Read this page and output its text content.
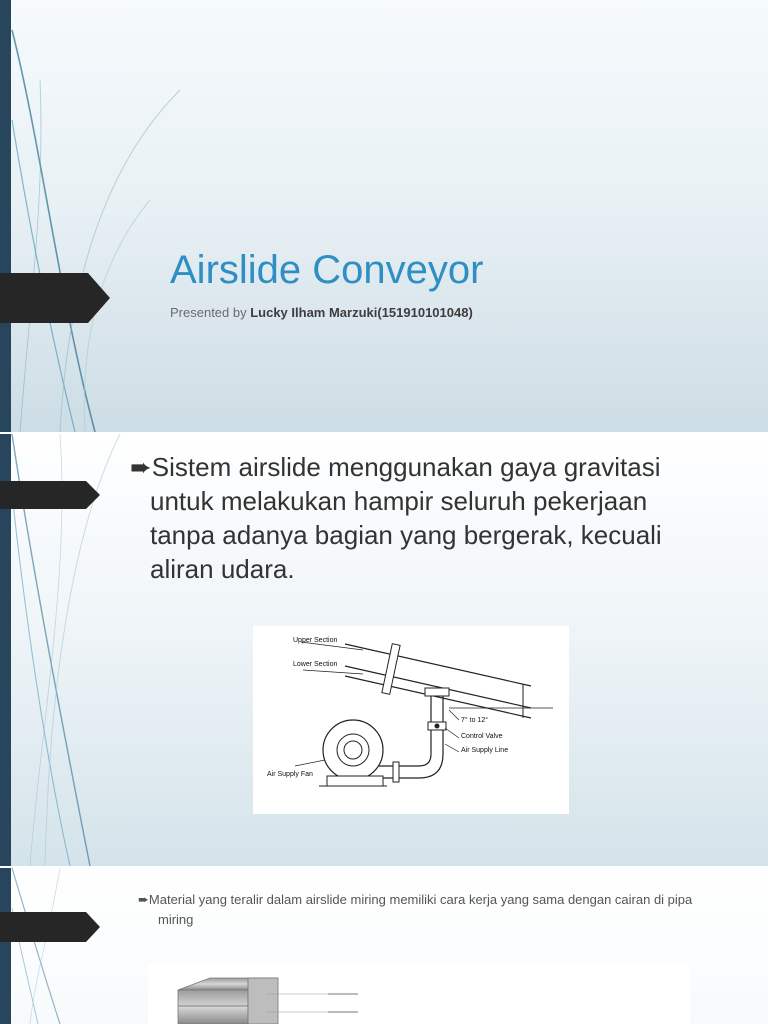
Airslide Conveyor
Presented by Lucky Ilham Marzuki(151910101048)
➨Sistem airslide menggunakan gaya gravitasi untuk melakukan hampir seluruh pekerjaan tanpa adanya bagian yang bergerak, kecuali aliran udara.
Upper Section
Lower Section
7° to 12°
Control Valve
Air Supply Line
Air Supply Fan
➨Material yang teralir dalam airslide miring memiliki cara kerja yang sama dengan cairan di pipa miring
